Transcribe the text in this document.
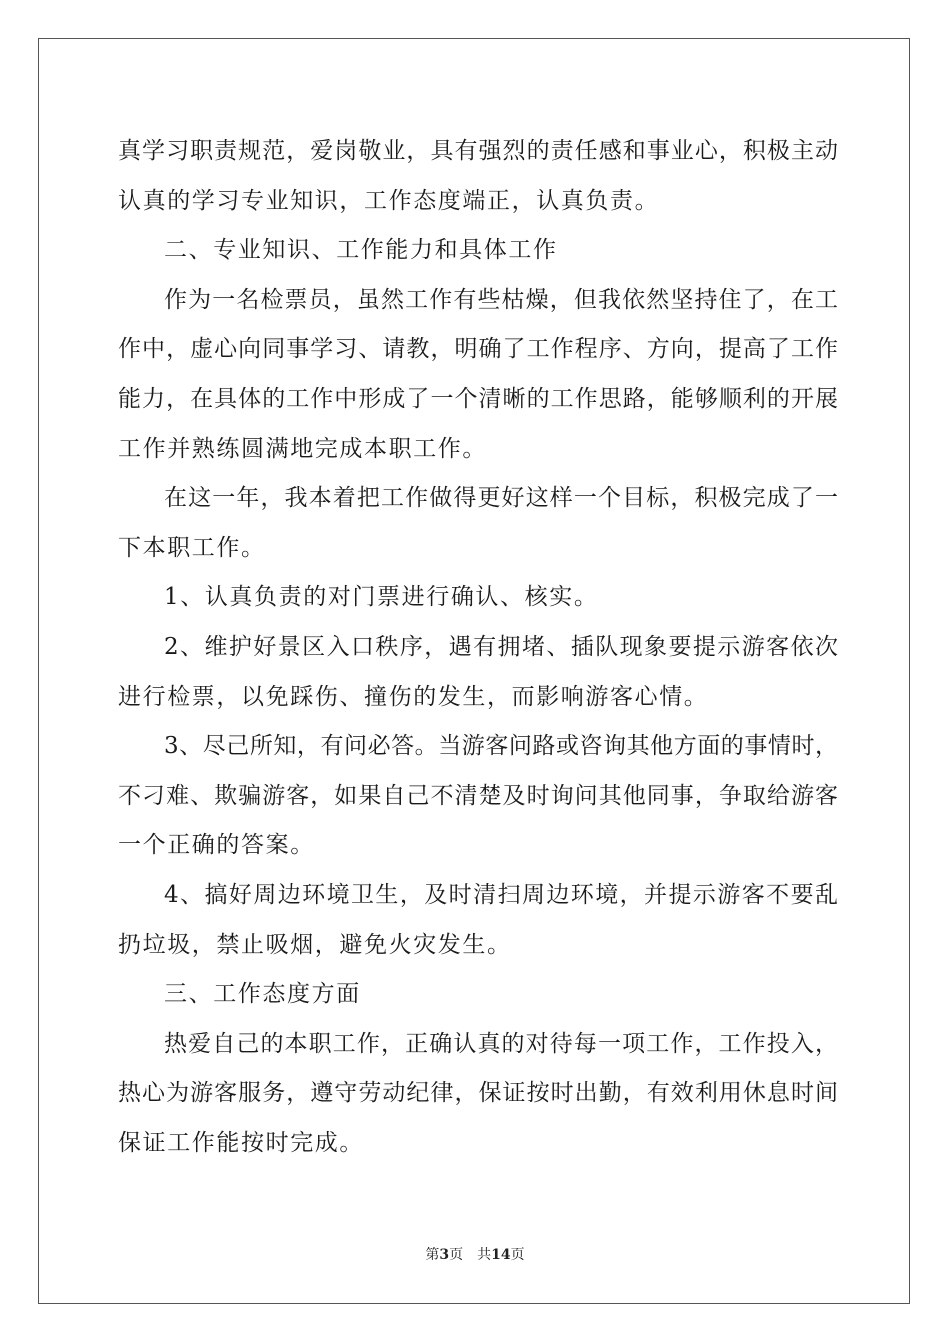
真学习职责规范，爱岗敬业，具有强烈的责任感和事业心，积极主动
认真的学习专业知识，工作态度端正，认真负责。
二、专业知识、工作能力和具体工作
作为一名检票员，虽然工作有些枯燥，但我依然坚持住了，在工
作中，虚心向同事学习、请教，明确了工作程序、方向，提高了工作
能力，在具体的工作中形成了一个清晰的工作思路，能够顺利的开展
工作并熟练圆满地完成本职工作。
在这一年，我本着把工作做得更好这样一个目标，积极完成了一
下本职工作。
1、认真负责的对门票进行确认、核实。
2、维护好景区入口秩序，遇有拥堵、插队现象要提示游客依次
进行检票，以免踩伤、撞伤的发生，而影响游客心情。
3、尽己所知，有问必答。当游客问路或咨询其他方面的事情时，
不刁难、欺骗游客，如果自己不清楚及时询问其他同事，争取给游客
一个正确的答案。
4、搞好周边环境卫生，及时清扫周边环境，并提示游客不要乱
扔垃圾，禁止吸烟，避免火灾发生。
三、工作态度方面
热爱自己的本职工作，正确认真的对待每一项工作，工作投入，
热心为游客服务，遵守劳动纪律，保证按时出勤，有效利用休息时间
保证工作能按时完成。
第3页 共14页
